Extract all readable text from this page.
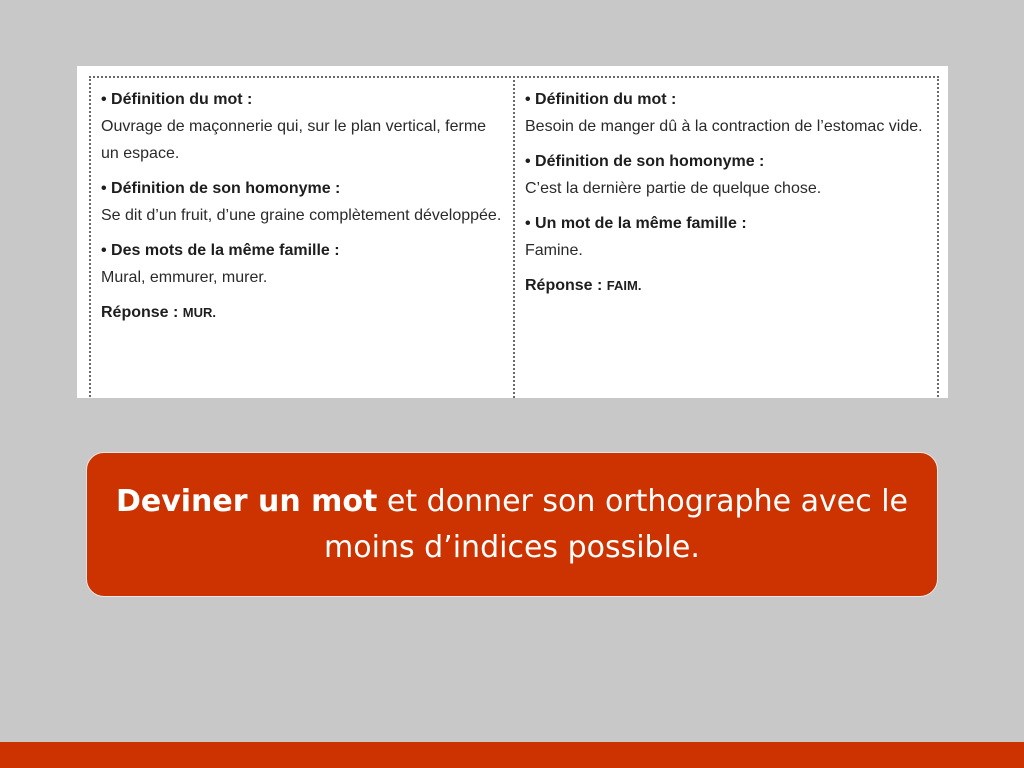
• Définition du mot :
Ouvrage de maçonnerie qui, sur le plan vertical, ferme un espace.
• Définition de son homonyme :
Se dit d’un fruit, d’une graine complètement développée.
• Des mots de la même famille :
Mural, emmurer, murer.
Réponse : MUR.
• Définition du mot :
Besoin de manger dû à la contraction de l’estomac vide.
• Définition de son homonyme :
C’est la dernière partie de quelque chose.
• Un mot de la même famille :
Famine.
Réponse : FAIM.
Deviner un mot et donner son orthographe avec le moins d’indices possible.
